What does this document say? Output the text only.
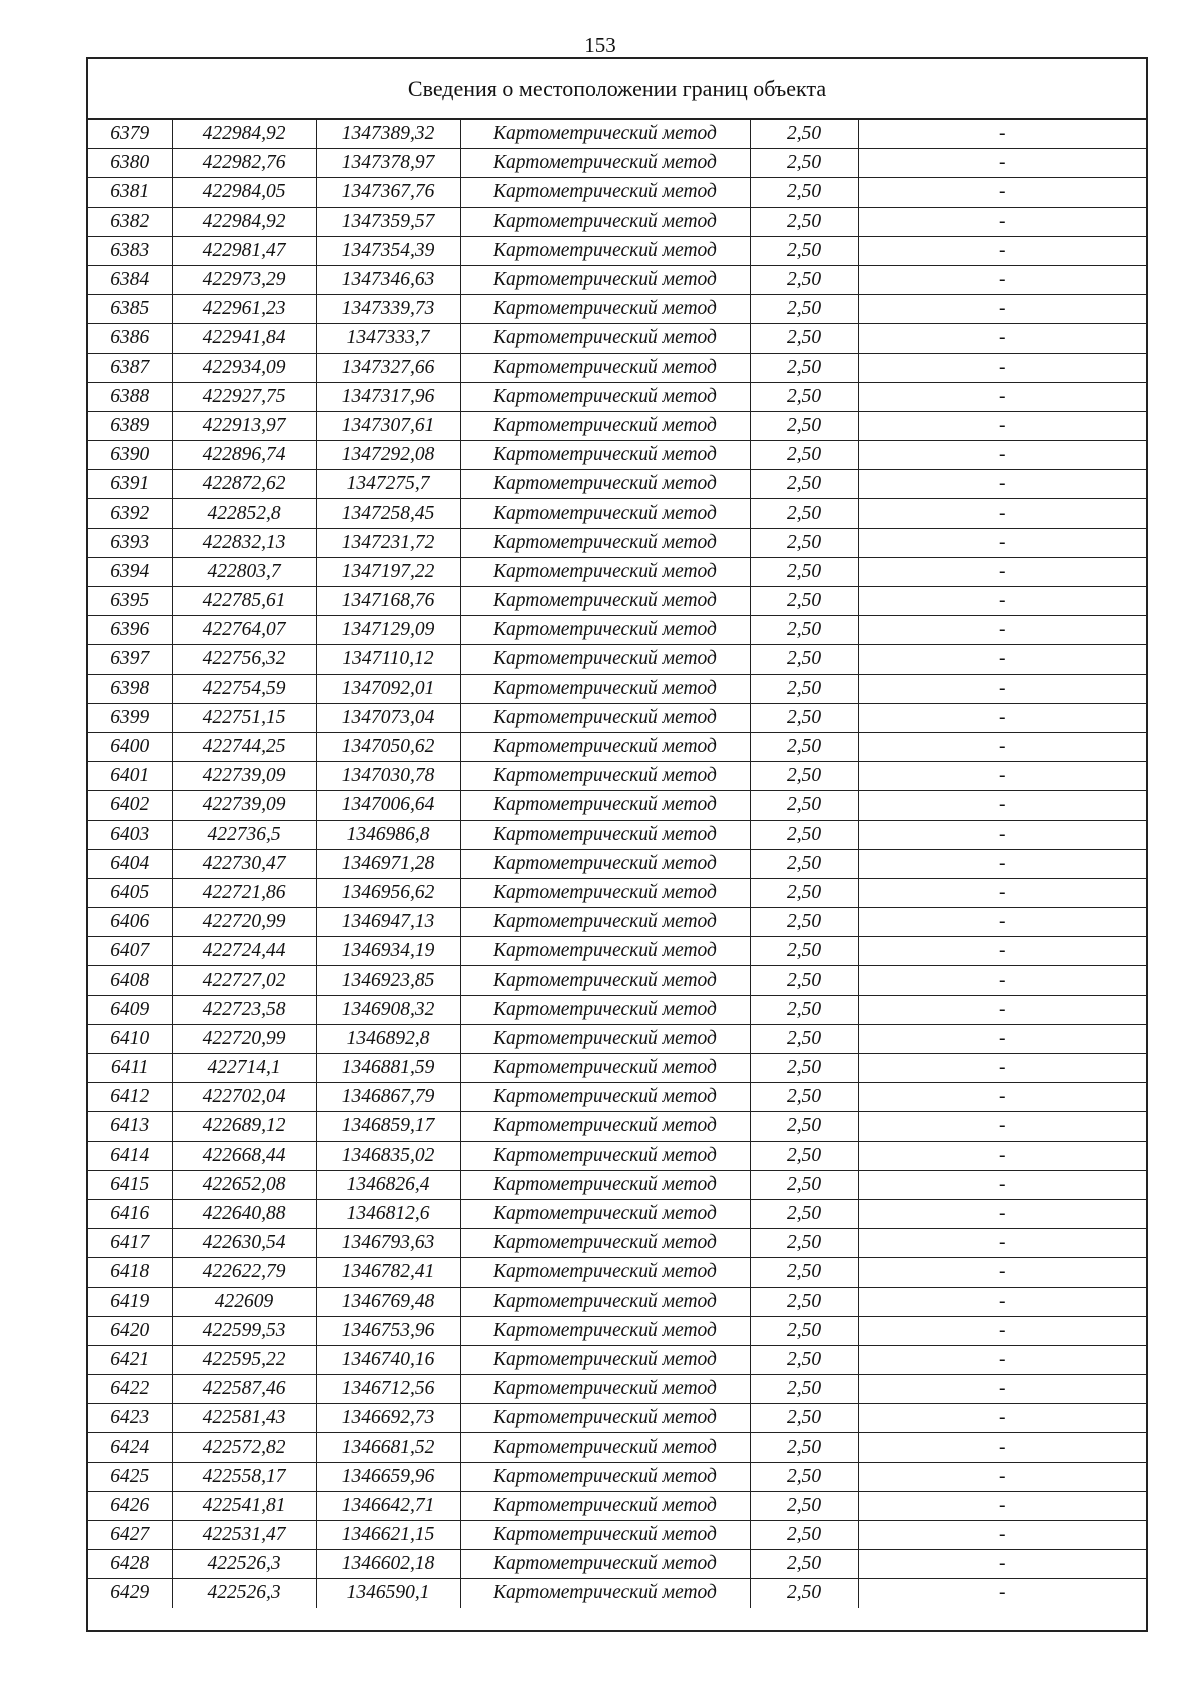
153
Сведения о местоположении границ объекта
6379	422984,92	1347389,32	Картометрический метод	2,50	-
6380	422982,76	1347378,97	Картометрический метод	2,50	-
6381	422984,05	1347367,76	Картометрический метод	2,50	-
6382	422984,92	1347359,57	Картометрический метод	2,50	-
6383	422981,47	1347354,39	Картометрический метод	2,50	-
6384	422973,29	1347346,63	Картометрический метод	2,50	-
6385	422961,23	1347339,73	Картометрический метод	2,50	-
6386	422941,84	1347333,7	Картометрический метод	2,50	-
6387	422934,09	1347327,66	Картометрический метод	2,50	-
6388	422927,75	1347317,96	Картометрический метод	2,50	-
6389	422913,97	1347307,61	Картометрический метод	2,50	-
6390	422896,74	1347292,08	Картометрический метод	2,50	-
6391	422872,62	1347275,7	Картометрический метод	2,50	-
6392	422852,8	1347258,45	Картометрический метод	2,50	-
6393	422832,13	1347231,72	Картометрический метод	2,50	-
6394	422803,7	1347197,22	Картометрический метод	2,50	-
6395	422785,61	1347168,76	Картометрический метод	2,50	-
6396	422764,07	1347129,09	Картометрический метод	2,50	-
6397	422756,32	1347110,12	Картометрический метод	2,50	-
6398	422754,59	1347092,01	Картометрический метод	2,50	-
6399	422751,15	1347073,04	Картометрический метод	2,50	-
6400	422744,25	1347050,62	Картометрический метод	2,50	-
6401	422739,09	1347030,78	Картометрический метод	2,50	-
6402	422739,09	1347006,64	Картометрический метод	2,50	-
6403	422736,5	1346986,8	Картометрический метод	2,50	-
6404	422730,47	1346971,28	Картометрический метод	2,50	-
6405	422721,86	1346956,62	Картометрический метод	2,50	-
6406	422720,99	1346947,13	Картометрический метод	2,50	-
6407	422724,44	1346934,19	Картометрический метод	2,50	-
6408	422727,02	1346923,85	Картометрический метод	2,50	-
6409	422723,58	1346908,32	Картометрический метод	2,50	-
6410	422720,99	1346892,8	Картометрический метод	2,50	-
6411	422714,1	1346881,59	Картометрический метод	2,50	-
6412	422702,04	1346867,79	Картометрический метод	2,50	-
6413	422689,12	1346859,17	Картометрический метод	2,50	-
6414	422668,44	1346835,02	Картометрический метод	2,50	-
6415	422652,08	1346826,4	Картометрический метод	2,50	-
6416	422640,88	1346812,6	Картометрический метод	2,50	-
6417	422630,54	1346793,63	Картометрический метод	2,50	-
6418	422622,79	1346782,41	Картометрический метод	2,50	-
6419	422609	1346769,48	Картометрический метод	2,50	-
6420	422599,53	1346753,96	Картометрический метод	2,50	-
6421	422595,22	1346740,16	Картометрический метод	2,50	-
6422	422587,46	1346712,56	Картометрический метод	2,50	-
6423	422581,43	1346692,73	Картометрический метод	2,50	-
6424	422572,82	1346681,52	Картометрический метод	2,50	-
6425	422558,17	1346659,96	Картометрический метод	2,50	-
6426	422541,81	1346642,71	Картометрический метод	2,50	-
6427	422531,47	1346621,15	Картометрический метод	2,50	-
6428	422526,3	1346602,18	Картометрический метод	2,50	-
6429	422526,3	1346590,1	Картометрический метод	2,50	-
